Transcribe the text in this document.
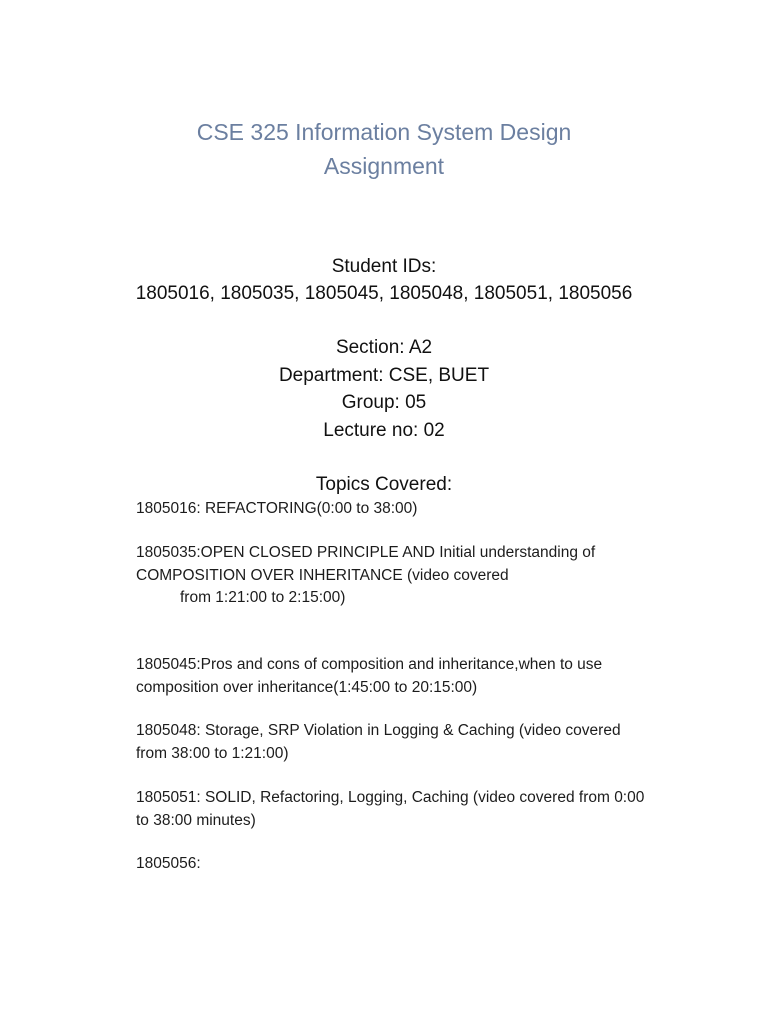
CSE 325 Information System Design
Assignment
Student IDs:
1805016, 1805035, 1805045, 1805048, 1805051, 1805056
Section: A2
Department: CSE, BUET
Group: 05
Lecture no: 02
Topics Covered:
1805016: REFACTORING(0:00 to 38:00)
1805035:OPEN CLOSED PRINCIPLE AND Initial understanding of
COMPOSITION OVER INHERITANCE (video covered
from 1:21:00 to 2:15:00)
1805045:Pros and cons of composition and inheritance,when to use
composition over inheritance(1:45:00 to 20:15:00)
1805048: Storage, SRP Violation in Logging & Caching (video covered
from 38:00 to 1:21:00)
1805051: SOLID, Refactoring, Logging, Caching (video covered from 0:00
to 38:00 minutes)
1805056:
